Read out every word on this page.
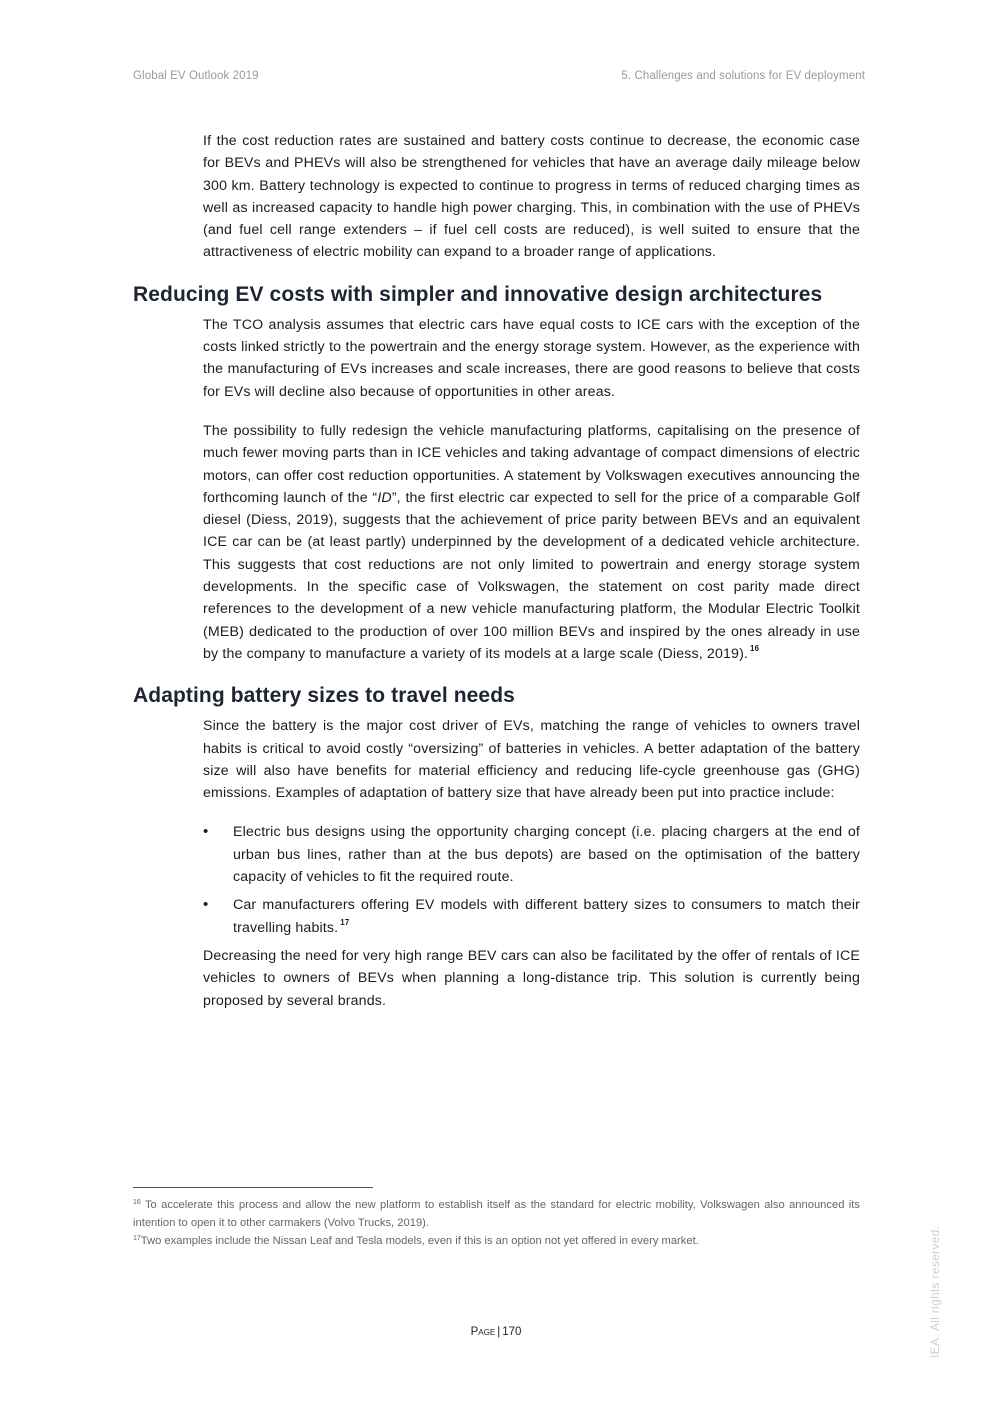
Global EV Outlook 2019	5. Challenges and solutions for EV deployment

If the cost reduction rates are sustained and battery costs continue to decrease, the economic case for BEVs and PHEVs will also be strengthened for vehicles that have an average daily mileage below 300 km. Battery technology is expected to continue to progress in terms of reduced charging times as well as increased capacity to handle high power charging. This, in combination with the use of PHEVs (and fuel cell range extenders – if fuel cell costs are reduced), is well suited to ensure that the attractiveness of electric mobility can expand to a broader range of applications.

Reducing EV costs with simpler and innovative design architectures

The TCO analysis assumes that electric cars have equal costs to ICE cars with the exception of the costs linked strictly to the powertrain and the energy storage system. However, as the experience with the manufacturing of EVs increases and scale increases, there are good reasons to believe that costs for EVs will decline also because of opportunities in other areas.

The possibility to fully redesign the vehicle manufacturing platforms, capitalising on the presence of much fewer moving parts than in ICE vehicles and taking advantage of compact dimensions of electric motors, can offer cost reduction opportunities. A statement by Volkswagen executives announcing the forthcoming launch of the “ID”, the first electric car expected to sell for the price of a comparable Golf diesel (Diess, 2019), suggests that the achievement of price parity between BEVs and an equivalent ICE car can be (at least partly) underpinned by the development of a dedicated vehicle architecture. This suggests that cost reductions are not only limited to powertrain and energy storage system developments. In the specific case of Volkswagen, the statement on cost parity made direct references to the development of a new vehicle manufacturing platform, the Modular Electric Toolkit (MEB) dedicated to the production of over 100 million BEVs and inspired by the ones already in use by the company to manufacture a variety of its models at a large scale (Diess, 2019). $^{16}$

Adapting battery sizes to travel needs

Since the battery is the major cost driver of EVs, matching the range of vehicles to owners travel habits is critical to avoid costly “oversizing” of batteries in vehicles. A better adaptation of the battery size will also have benefits for material efficiency and reducing life-cycle greenhouse gas (GHG) emissions. Examples of adaptation of battery size that have already been put into practice include:

• Electric bus designs using the opportunity charging concept (i.e. placing chargers at the end of urban bus lines, rather than at the bus depots) are based on the optimisation of the battery capacity of vehicles to fit the required route.
• Car manufacturers offering EV models with different battery sizes to consumers to match their travelling habits. $^{17}$

Decreasing the need for very high range BEV cars can also be facilitated by the offer of rentals of ICE vehicles to owners of BEVs when planning a long-distance trip. This solution is currently being proposed by several brands.

$^{16}$ To accelerate this process and allow the new platform to establish itself as the standard for electric mobility, Volkswagen also announced its intention to open it to other carmakers (Volvo Trucks, 2019).
$^{17}$Two examples include the Nissan Leaf and Tesla models, even if this is an option not yet offered in every market.
Page | 170	IEA. All rights reserved.
